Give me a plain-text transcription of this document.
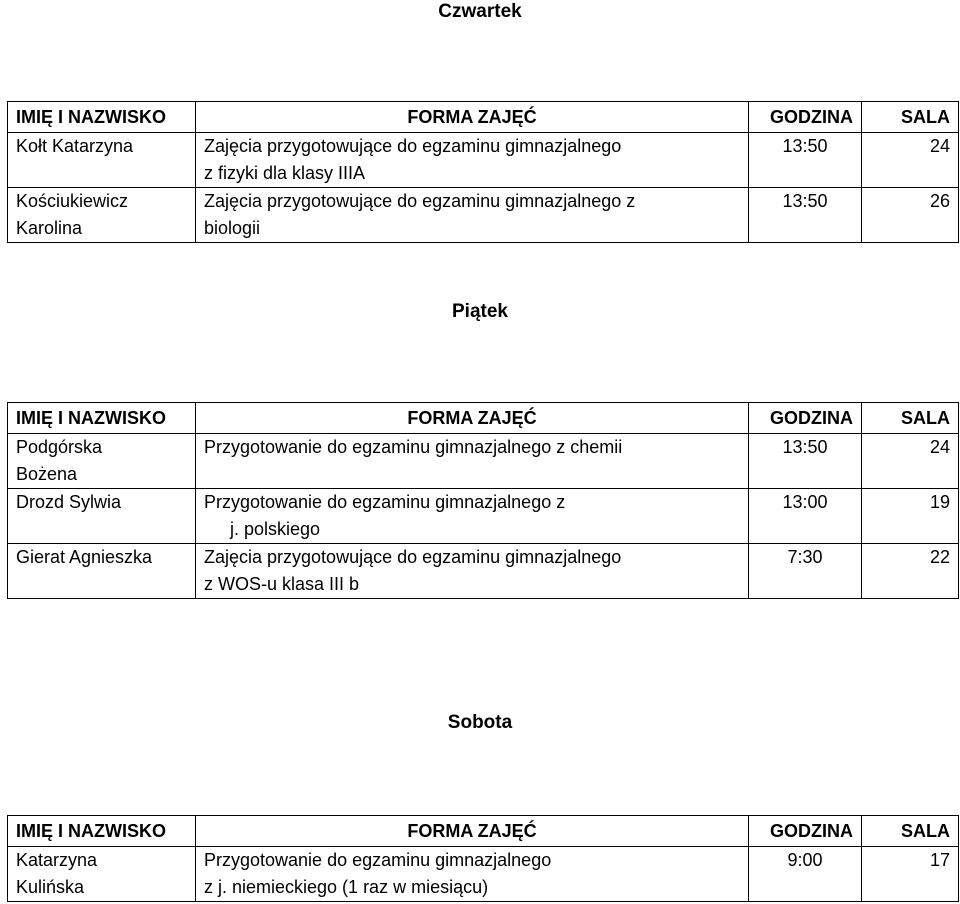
Czwartek
IMIĘ I NAZWISKO	FORMA ZAJĘĆ	GODZINA	SALA

Kołt Katarzyna	Zajęcia przygotowujące do egzaminu gimnazjalnego
z fizyki dla klasy IIIA	13:50	24

Kościukiewicz
Karolina	Zajęcia przygotowujące do egzaminu gimnazjalnego z
biologii	13:50	26
Piątek
IMIĘ I NAZWISKO	FORMA ZAJĘĆ	GODZINA	SALA

Podgórska
Bożena	Przygotowanie do egzaminu gimnazjalnego z chemii	13:50	24

Drozd Sylwia	Przygotowanie do egzaminu gimnazjalnego z
j. polskiego	13:00	19

Gierat Agnieszka	Zajęcia przygotowujące do egzaminu gimnazjalnego
z WOS-u klasa III b	7:30	22
Sobota
IMIĘ I NAZWISKO	FORMA ZAJĘĆ	GODZINA	SALA

Katarzyna
Kulińska	Przygotowanie do egzaminu gimnazjalnego
z j. niemieckiego (1 raz w miesiącu)	9:00	17
